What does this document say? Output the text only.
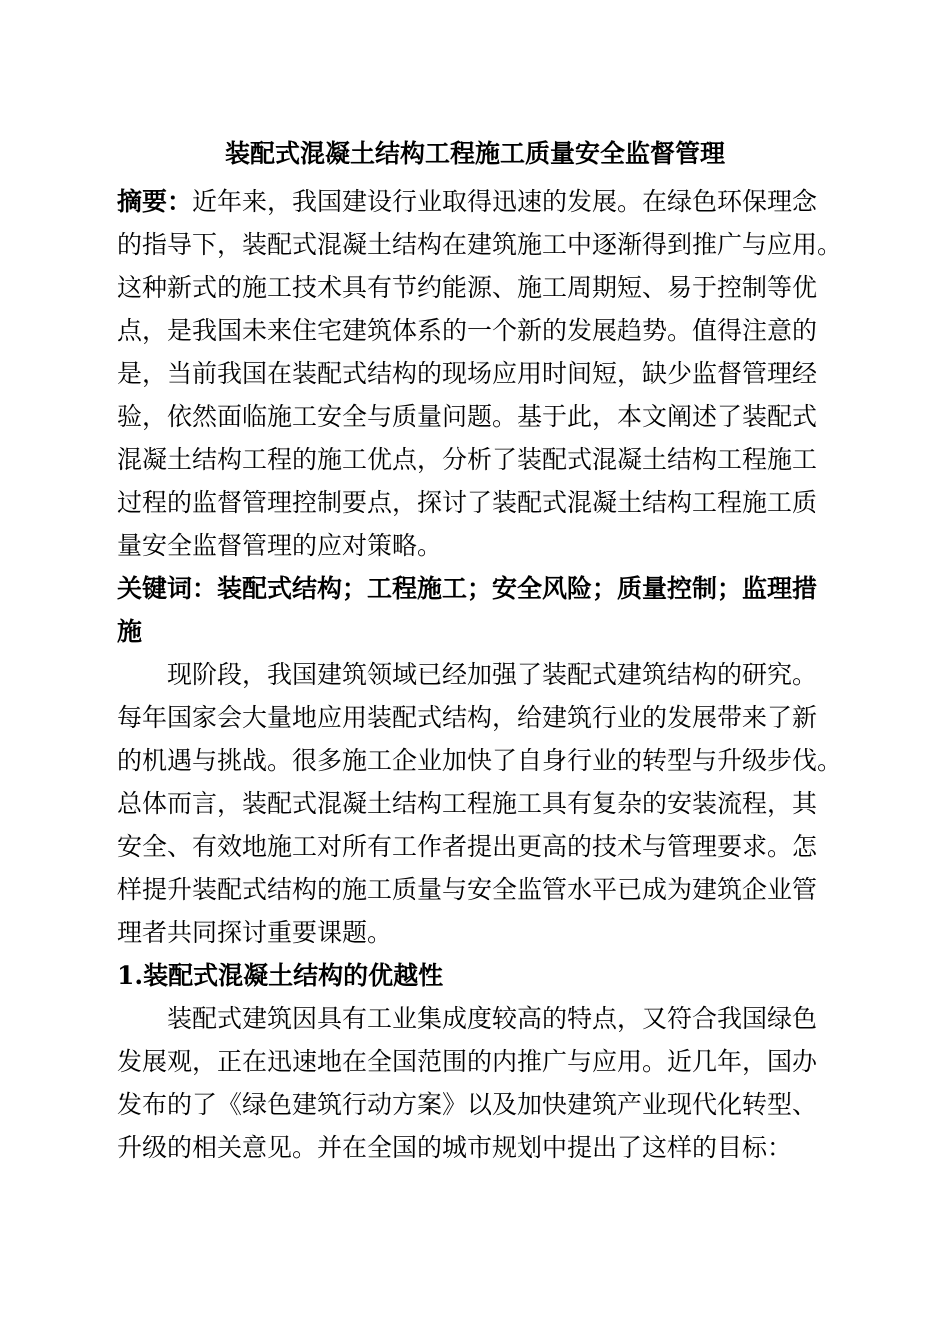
装配式混凝土结构工程施工质量安全监督管理
摘要：近年来，我国建设行业取得迅速的发展。在绿色环保理念
的指导下，装配式混凝土结构在建筑施工中逐渐得到推广与应用。
这种新式的施工技术具有节约能源、施工周期短、易于控制等优
点，是我国未来住宅建筑体系的一个新的发展趋势。值得注意的
是，当前我国在装配式结构的现场应用时间短，缺少监督管理经
验，依然面临施工安全与质量问题。基于此，本文阐述了装配式
混凝土结构工程的施工优点，分析了装配式混凝土结构工程施工
过程的监督管理控制要点，探讨了装配式混凝土结构工程施工质
量安全监督管理的应对策略。
关键词：装配式结构；工程施工；安全风险；质量控制；监理措
施
现阶段，我国建筑领域已经加强了装配式建筑结构的研究。
每年国家会大量地应用装配式结构，给建筑行业的发展带来了新
的机遇与挑战。很多施工企业加快了自身行业的转型与升级步伐。
总体而言，装配式混凝土结构工程施工具有复杂的安装流程，其
安全、有效地施工对所有工作者提出更高的技术与管理要求。怎
样提升装配式结构的施工质量与安全监管水平已成为建筑企业管
理者共同探讨重要课题。
1.装配式混凝土结构的优越性
装配式建筑因具有工业集成度较高的特点，又符合我国绿色
发展观，正在迅速地在全国范围的内推广与应用。近几年，国办
发布的了《绿色建筑行动方案》以及加快建筑产业现代化转型、
升级的相关意见。并在全国的城市规划中提出了这样的目标：
